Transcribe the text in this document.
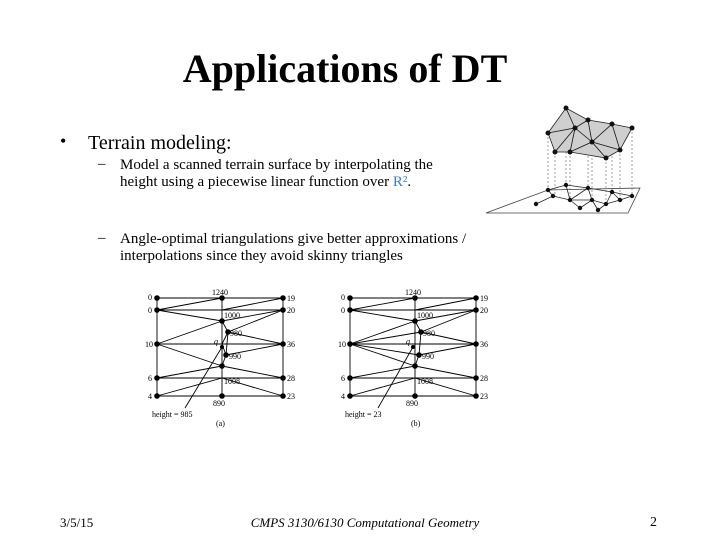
Applications of DT
• Terrain modeling:
– Model a scanned terrain surface by interpolating the
height using a piecewise linear function over R².
– Angle-optimal triangulations give better approximations /
interpolations since they avoid skinny triangles
0
0
10
6
4
19
20
36
28
23
1240
1000
980
990
1008
890
q
height = 985
(a)
0
0
10
6
4
19
20
36
28
23
1240
1000
980
990
1008
890
q
height = 23
(b)
3/5/15	CMPS 3130/6130 Computational Geometry	2
